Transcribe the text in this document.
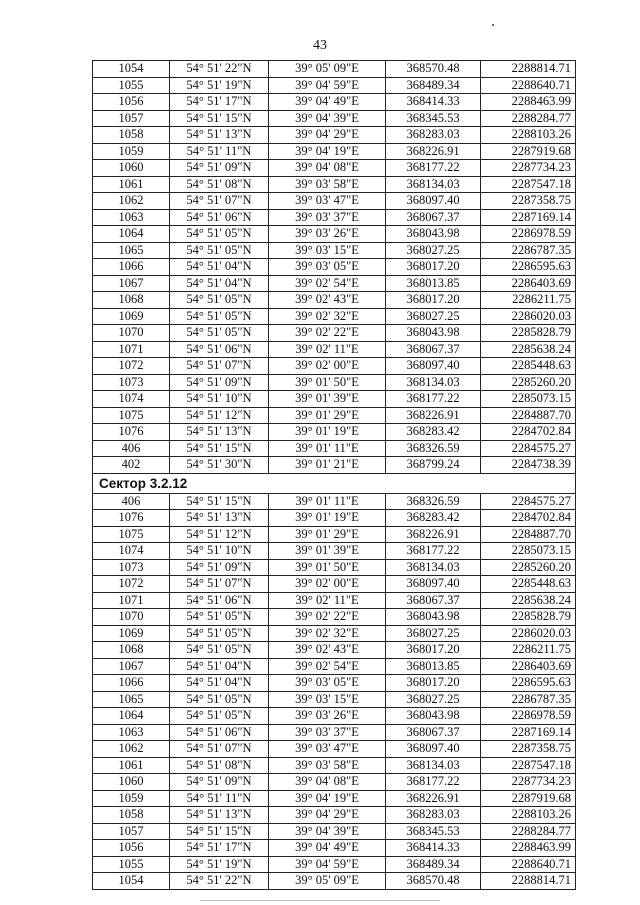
43
1054	54° 51' 22"N	39° 05' 09"E	368570.48	2288814.71
1055	54° 51' 19"N	39° 04' 59"E	368489.34	2288640.71
1056	54° 51' 17"N	39° 04' 49"E	368414.33	2288463.99
1057	54° 51' 15"N	39° 04' 39"E	368345.53	2288284.77
1058	54° 51' 13"N	39° 04' 29"E	368283.03	2288103.26
1059	54° 51' 11"N	39° 04' 19"E	368226.91	2287919.68
1060	54° 51' 09"N	39° 04' 08"E	368177.22	2287734.23
1061	54° 51' 08"N	39° 03' 58"E	368134.03	2287547.18
1062	54° 51' 07"N	39° 03' 47"E	368097.40	2287358.75
1063	54° 51' 06"N	39° 03' 37"E	368067.37	2287169.14
1064	54° 51' 05"N	39° 03' 26"E	368043.98	2286978.59
1065	54° 51' 05"N	39° 03' 15"E	368027.25	2286787.35
1066	54° 51' 04"N	39° 03' 05"E	368017.20	2286595.63
1067	54° 51' 04"N	39° 02' 54"E	368013.85	2286403.69
1068	54° 51' 05"N	39° 02' 43"E	368017.20	2286211.75
1069	54° 51' 05"N	39° 02' 32"E	368027.25	2286020.03
1070	54° 51' 05"N	39° 02' 22"E	368043.98	2285828.79
1071	54° 51' 06"N	39° 02' 11"E	368067.37	2285638.24
1072	54° 51' 07"N	39° 02' 00"E	368097.40	2285448.63
1073	54° 51' 09"N	39° 01' 50"E	368134.03	2285260.20
1074	54° 51' 10"N	39° 01' 39"E	368177.22	2285073.15
1075	54° 51' 12"N	39° 01' 29"E	368226.91	2284887.70
1076	54° 51' 13"N	39° 01' 19"E	368283.42	2284702.84
406	54° 51' 15"N	39° 01' 11"E	368326.59	2284575.27
402	54° 51' 30"N	39° 01' 21"E	368799.24	2284738.39
Сектор 3.2.12				
406	54° 51' 15"N	39° 01' 11"E	368326.59	2284575.27
1076	54° 51' 13"N	39° 01' 19"E	368283.42	2284702.84
1075	54° 51' 12"N	39° 01' 29"E	368226.91	2284887.70
1074	54° 51' 10"N	39° 01' 39"E	368177.22	2285073.15
1073	54° 51' 09"N	39° 01' 50"E	368134.03	2285260.20
1072	54° 51' 07"N	39° 02' 00"E	368097.40	2285448.63
1071	54° 51' 06"N	39° 02' 11"E	368067.37	2285638.24
1070	54° 51' 05"N	39° 02' 22"E	368043.98	2285828.79
1069	54° 51' 05"N	39° 02' 32"E	368027.25	2286020.03
1068	54° 51' 05"N	39° 02' 43"E	368017.20	2286211.75
1067	54° 51' 04"N	39° 02' 54"E	368013.85	2286403.69
1066	54° 51' 04"N	39° 03' 05"E	368017.20	2286595.63
1065	54° 51' 05"N	39° 03' 15"E	368027.25	2286787.35
1064	54° 51' 05"N	39° 03' 26"E	368043.98	2286978.59
1063	54° 51' 06"N	39° 03' 37"E	368067.37	2287169.14
1062	54° 51' 07"N	39° 03' 47"E	368097.40	2287358.75
1061	54° 51' 08"N	39° 03' 58"E	368134.03	2287547.18
1060	54° 51' 09"N	39° 04' 08"E	368177.22	2287734.23
1059	54° 51' 11"N	39° 04' 19"E	368226.91	2287919.68
1058	54° 51' 13"N	39° 04' 29"E	368283.03	2288103.26
1057	54° 51' 15"N	39° 04' 39"E	368345.53	2288284.77
1056	54° 51' 17"N	39° 04' 49"E	368414.33	2288463.99
1055	54° 51' 19"N	39° 04' 59"E	368489.34	2288640.71
1054	54° 51' 22"N	39° 05' 09"E	368570.48	2288814.71
